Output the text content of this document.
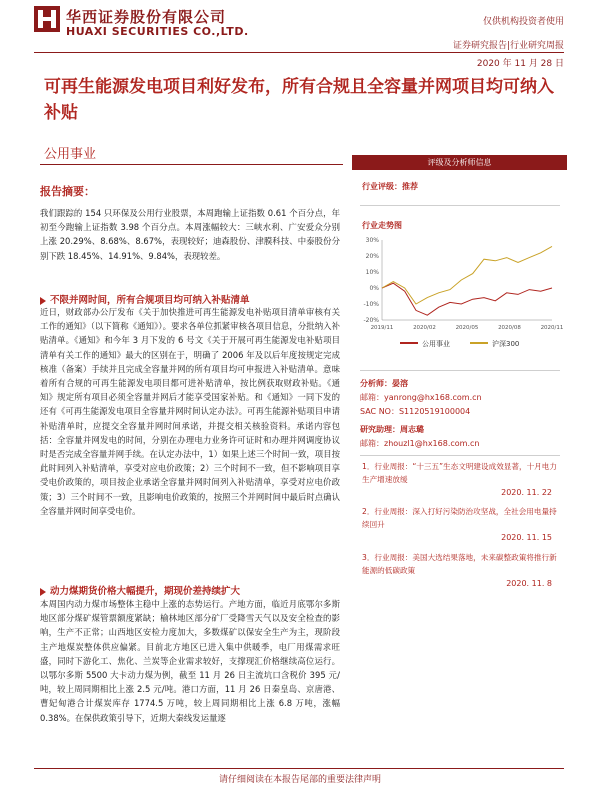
华西证券股份有限公司
HUAXI SECURITIES CO.,LTD.
仅供机构投资者使用
证券研究报告|行业研究周报
2020 年 11 月 28 日
可再生能源发电项目利好发布，所有合规且全容量并网项目均可纳入补贴
公用事业
报告摘要：
我们跟踪的 154 只环保及公用行业股票，本周跑输上证指数 0.61 个百分点，年初至今跑输上证指数 3.98 个百分点。本周涨幅较大：三峡水利、广安爱众分别上涨 20.29%、8.68%、8.67%，表现较好；迪森股份、津膜科技、中泰股份分别下跌 18.45%、14.91%、9.84%，表现较差。
不限并网时间，所有合规项目均可纳入补贴清单
近日，财政部办公厅发布《关于加快推进可再生能源发电补贴项目清单审核有关工作的通知》（以下简称《通知》）。要求各单位抓紧审核各项目信息，分批纳入补贴清单。《通知》和今年 3 月下发的 6 号文《关于开展可再生能源发电补贴项目清单有关工作的通知》最大的区别在于，明确了 2006 年及以后年度按规定完成核准（备案）手续并且完成全容量并网的所有项目均可申报进入补贴清单。意味着所有合规的可再生能源发电项目都可进补贴清单，按比例获取财政补贴。《通知》规定所有项目必须全容量并网后才能享受国家补贴。和《通知》一同下发的还有《可再生能源发电项目全容量并网时间认定办法》。可再生能源补贴项目申请补贴清单时，应提交全容量并网时间承诺，并提交相关核验资料。承诺内容包括：全容量并网发电的时间，分别在办理电力业务许可证时和办理并网调度协议时是否完成全容量并网手续。在认定办法中，1）如果上述三个时间一致，项目按此时间列入补贴清单，享受对应电价政策；2）三个时间不一致，但不影响项目享受电价政策的，项目按企业承诺全容量并网时间列入补贴清单，享受对应电价政策；3）三个时间不一致，且影响电价政策的，按照三个并网时间中最后时点确认全容量并网时间享受电价。
动力煤期货价格大幅提升，期现价差持续扩大
本周国内动力煤市场整体主稳中上涨的态势运行。产地方面，临近月底鄂尔多斯地区部分煤矿煤管票额度紧缺；榆林地区部分矿厂受降雪天气以及安全检查的影响，生产不正常；山西地区安检力度加大，多数煤矿以保安全生产为主，现阶段主产地煤炭整体供应偏紧。目前北方地区已进入集中供暖季，电厂用煤需求旺盛，同时下游化工、焦化、兰炭等企业需求较好，支撑现汇价格继续高位运行。以鄂尔多斯 5500 大卡动力煤为例，截至 11 月 26 日主流坑口含税价 395 元/吨，较上周同期相比上涨 2.5 元/吨。港口方面，11 月 26 日秦皇岛、京唐港、曹妃甸港合计煤炭库存 1774.5 万吨，较上周同期相比上涨 6.8 万吨，涨幅 0.38%。在保供政策引导下，近期大秦线发运量逐
评级及分析师信息
行业评级：推荐
行业走势图
30%
20%
10%
0%
-10%
-20%
2019/11	2020/02	2020/05	2020/08	2020/11
公用事业	沪深300
分析师：晏溶
邮箱：yanrong@hx168.com.cn
SAC NO：S1120519100004
研究助理：周志璐
邮箱：zhouzl1@hx168.com.cn
1．行业周报：“十三五”生态文明建设成效显著，十月电力生产增速放缓
2020. 11. 22
2．行业周报：深入打好污染防治攻坚战，全社会用电量持续回升
2020. 11. 15
3．行业周报：美国大选结果落地，未来碳整政策将推行新能源的低碳政策
2020. 11. 8
请仔细阅读在本报告尾部的重要法律声明
